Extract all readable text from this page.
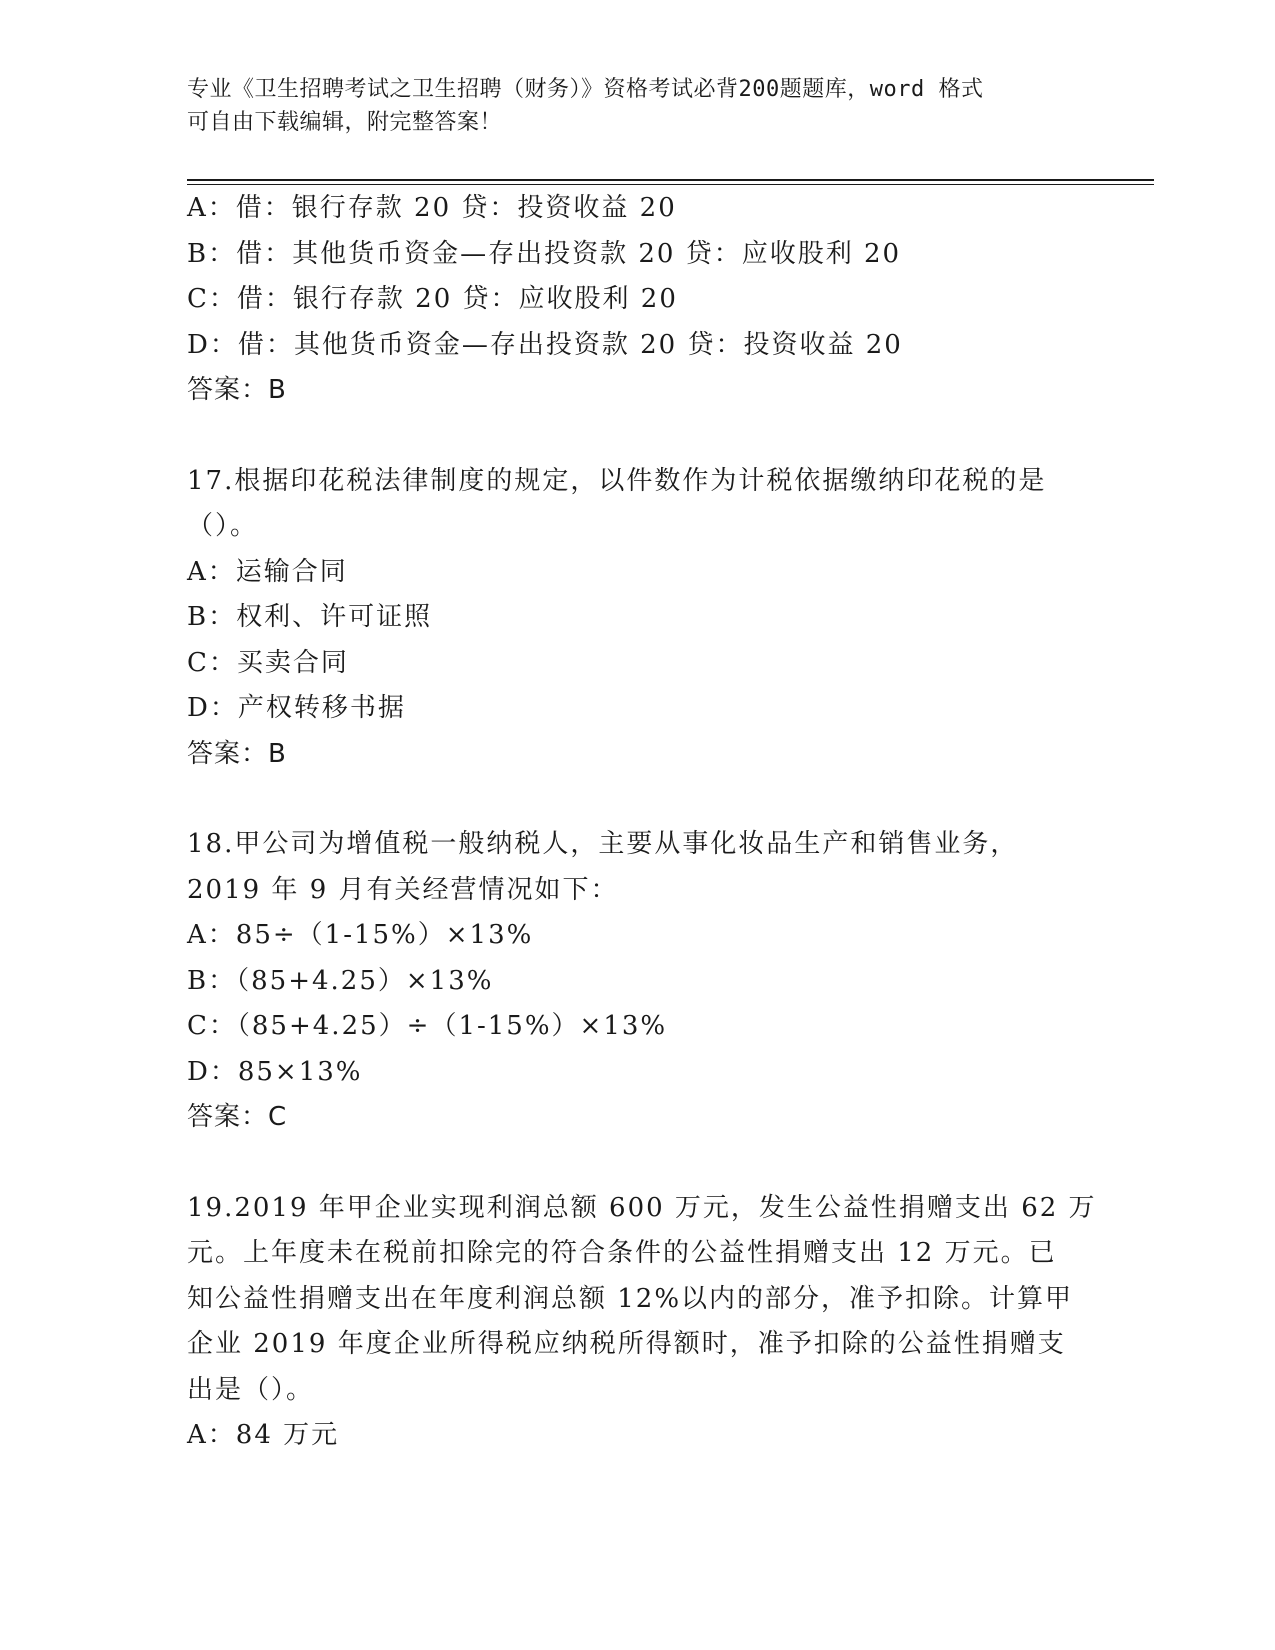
专业《卫生招聘考试之卫生招聘（财务）》资格考试必背200题题库，word 格式
可自由下载编辑，附完整答案！
A：借：银行存款 20 贷：投资收益 20
B：借：其他货币资金—存出投资款 20 贷：应收股利 20
C：借：银行存款 20 贷：应收股利 20
D：借：其他货币资金—存出投资款 20 贷：投资收益 20
答案：B
17.根据印花税法律制度的规定，以件数作为计税依据缴纳印花税的是
（）。
A：运输合同
B：权利、许可证照
C：买卖合同
D：产权转移书据
答案：B
18.甲公司为增值税一般纳税人，主要从事化妆品生产和销售业务，
2019 年 9 月有关经营情况如下：
A：85÷（1-15%）×13%
B：（85+4.25）×13%
C：（85+4.25）÷（1-15%）×13%
D：85×13%
答案：C
19.2019 年甲企业实现利润总额 600 万元，发生公益性捐赠支出 62 万
元。上年度未在税前扣除完的符合条件的公益性捐赠支出 12 万元。已
知公益性捐赠支出在年度利润总额 12%以内的部分，准予扣除。计算甲
企业 2019 年度企业所得税应纳税所得额时，准予扣除的公益性捐赠支
出是（）。
A：84 万元
